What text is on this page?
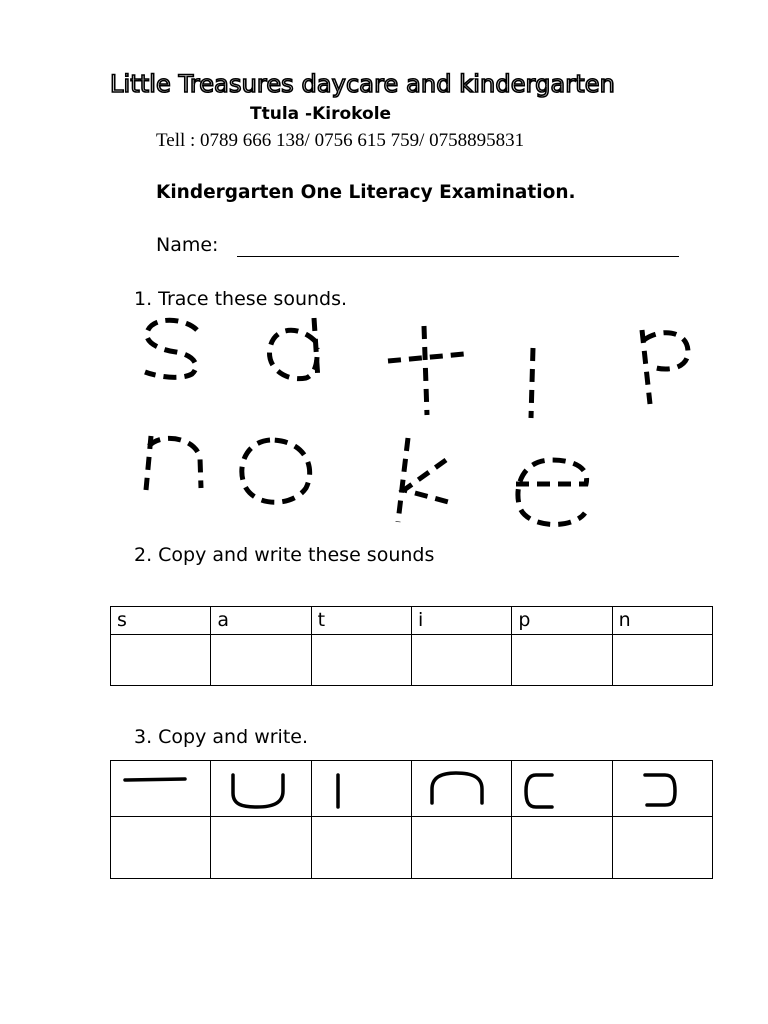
Little Treasures daycare and kindergarten
Ttula -Kirokole
Tell : 0789 666 138/ 0756 615 759/ 0758895831
Kindergarten One Literacy Examination.
Name:
1. Trace these sounds.
2. Copy and write these sounds
s	a	t	i	p	n

3. Copy and write.
